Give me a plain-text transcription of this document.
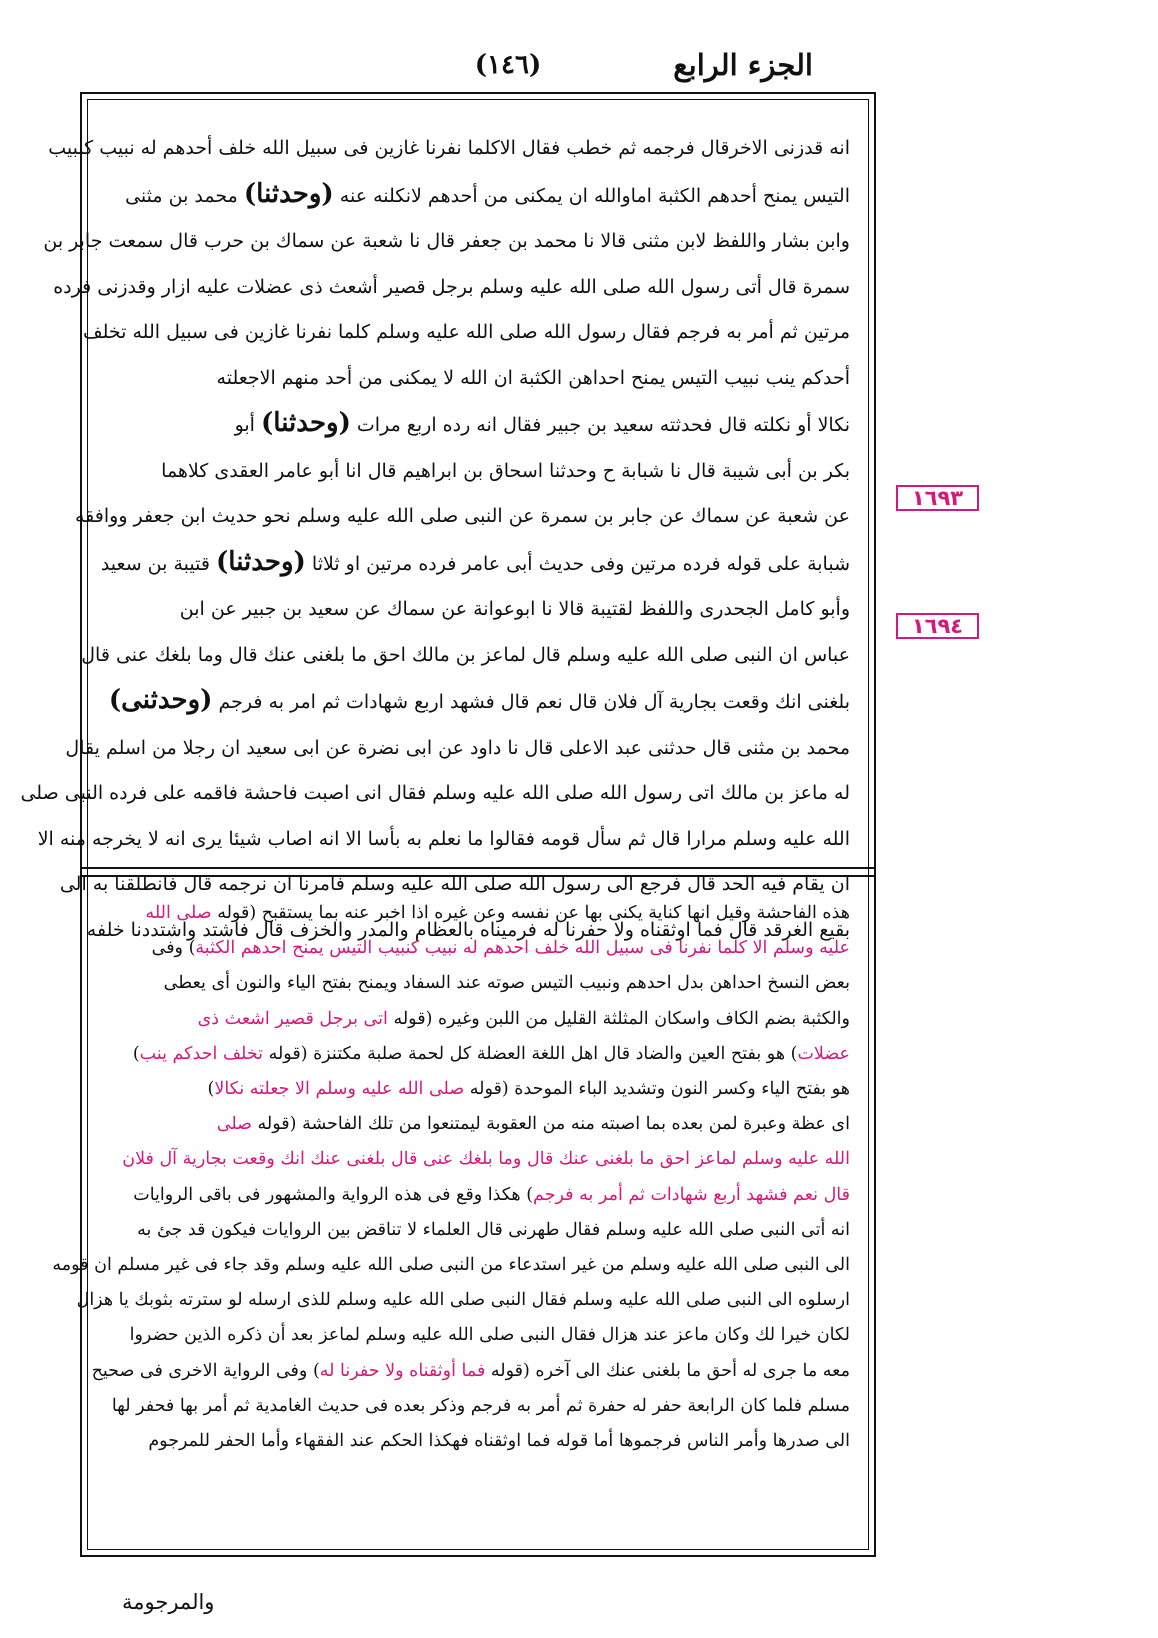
الجزء الرابع
(١٤٦)
انه قدزنى الاخرقال فرجمه ثم خطب فقال الاكلما نفرنا غازين فى سبيل الله خلف أحدهم له نبيب كنبيب
التيس يمنح أحدهم الكثبة اماوالله ان يمكنى من أحدهم لانكلنه عنه (وحدثنا) محمد بن مثنى
وابن بشار واللفظ لابن مثنى قالا نا محمد بن جعفر قال نا شعبة عن سماك بن حرب قال سمعت جابر بن
سمرة قال أتى رسول الله صلى الله عليه وسلم برجل قصير أشعث ذى عضلات عليه ازار وقدزنى فرده
مرتين ثم أمر به فرجم فقال رسول الله صلى الله عليه وسلم كلما نفرنا غازين فى سبيل الله تخلف
أحدكم ينب نبيب التيس يمنح احداهن الكثبة ان الله لا يمكنى من أحد منهم الاجعلته
نكالا أو نكلته قال فحدثته سعيد بن جبير فقال انه رده اربع مرات (وحدثنا) أبو
بكر بن أبى شيبة قال نا شبابة ح وحدثنا اسحاق بن ابراهيم قال انا أبو عامر العقدى كلاهما
عن شعبة عن سماك عن جابر بن سمرة عن النبى صلى الله عليه وسلم نحو حديث ابن جعفر ووافقه
شبابة على قوله فرده مرتين وفى حديث أبى عامر فرده مرتين او ثلاثا (وحدثنا) قتيبة بن سعيد
وأبو كامل الجحدرى واللفظ لقتيبة قالا نا ابوعوانة عن سماك عن سعيد بن جبير عن ابن
عباس ان النبى صلى الله عليه وسلم قال لماعز بن مالك احق ما بلغنى عنك قال وما بلغك عنى قال
بلغنى انك وقعت بجارية آل فلان قال نعم قال فشهد اربع شهادات ثم امر به فرجم (وحدثنى)
محمد بن مثنى قال حدثنى عبد الاعلى قال نا داود عن ابى نضرة عن ابى سعيد ان رجلا من اسلم يقال
له ماعز بن مالك اتى رسول الله صلى الله عليه وسلم فقال انى اصبت فاحشة فاقمه على فرده النبى صلى
الله عليه وسلم مرارا قال ثم سأل قومه فقالوا ما نعلم به بأسا الا انه اصاب شيئا يرى انه لا يخرجه منه الا
ان يقام فيه الحد قال فرجع الى رسول الله صلى الله عليه وسلم فامرنا ان نرجمه قال فانطلقنا به الى
بقيع الغرقد قال فما اوثقناه ولا حفرنا له فرميناه بالعظام والمدر والخزف قال فاشتد واشتددنا خلفه
هذه الفاحشة وقيل انها كناية يكنى بها عن نفسه وعن غيره اذا اخبر عنه بما يستقبح (قوله صلى الله
عليه وسلم الا كلما نفرنا فى سبيل الله خلف احدهم له نبيب كنبيب التيس يمنح احدهم الكثبة) وفى
بعض النسخ احداهن بدل احدهم ونبيب التيس صوته عند السفاد ويمنح بفتح الياء والنون أى يعطى
والكثبة بضم الكاف واسكان المثلثة القليل من اللبن وغيره (قوله اتى برجل قصير اشعث ذى
عضلات) هو بفتح العين والضاد قال اهل اللغة العضلة كل لحمة صلبة مكتنزة (قوله تخلف احدكم ينب)
هو بفتح الياء وكسر النون وتشديد الباء الموحدة (قوله صلى الله عليه وسلم الا جعلته نكالا)
اى عظة وعبرة لمن بعده بما اصبته منه من العقوبة ليمتنعوا من تلك الفاحشة (قوله صلى
الله عليه وسلم لماعز احق ما بلغنى عنك قال وما بلغك عنى قال بلغنى عنك انك وقعت بجارية آل فلان
قال نعم فشهد أربع شهادات ثم أمر به فرجم) هكذا وقع فى هذه الرواية والمشهور فى باقى الروايات
انه أتى النبى صلى الله عليه وسلم فقال طهرنى قال العلماء لا تناقض بين الروايات فيكون قد جئ به
الى النبى صلى الله عليه وسلم من غير استدعاء من النبى صلى الله عليه وسلم وقد جاء فى غير مسلم ان قومه
ارسلوه الى النبى صلى الله عليه وسلم فقال النبى صلى الله عليه وسلم للذى ارسله لو سترته بثوبك يا هزال
لكان خيرا لك وكان ماعز عند هزال فقال النبى صلى الله عليه وسلم لماعز بعد أن ذكره الذين حضروا
معه ما جرى له أحق ما بلغنى عنك الى آخره (قوله فما أوثقناه ولا حفرنا له) وفى الرواية الاخرى فى صحيح
مسلم فلما كان الرابعة حفر له حفرة ثم أمر به فرجم وذكر بعده فى حديث الغامدية ثم أمر بها فحفر لها
الى صدرها وأمر الناس فرجموها أما قوله فما اوثقناه فهكذا الحكم عند الفقهاء وأما الحفر للمرجوم
١٦٩٣
١٦٩٤
والمرجومة
